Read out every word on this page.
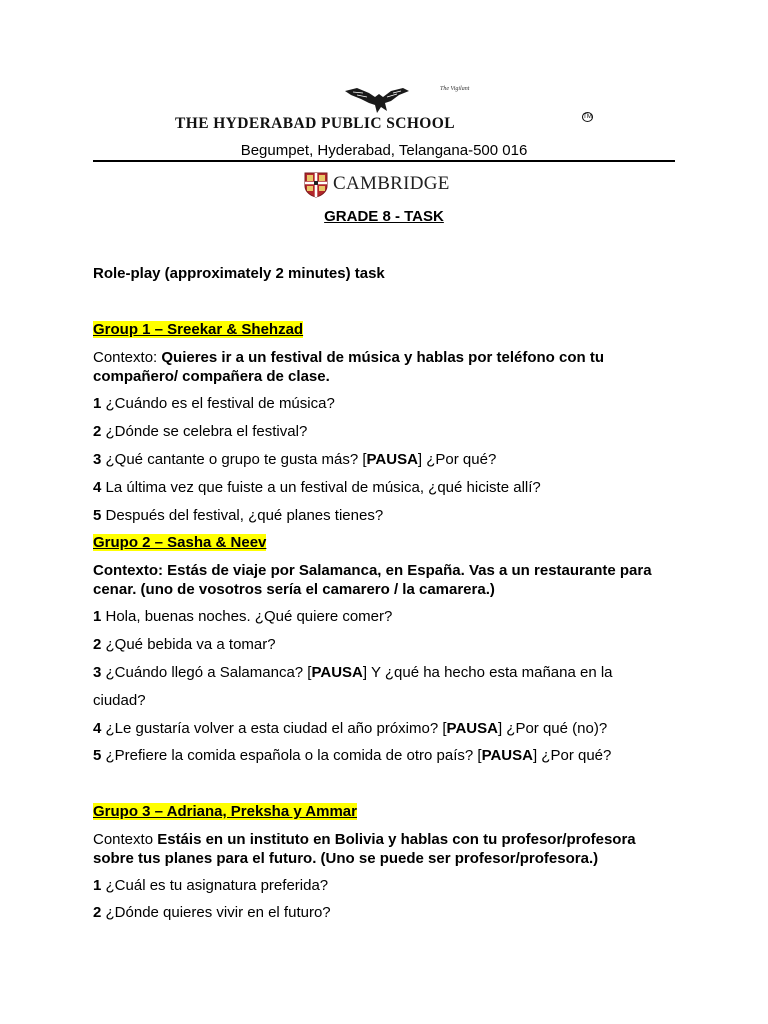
The Vigilant
THE HYDERABAD PUBLIC SCHOOL	TM
Begumpet, Hyderabad, Telangana-500 016
CAMBRIDGE
GRADE 8 - TASK
Role-play (approximately 2 minutes) task
Group 1 – Sreekar & Shehzad
Contexto: Quieres ir a un festival de música y hablas por teléfono con tu compañero/ compañera de clase.
1 ¿Cuándo es el festival de música?
2 ¿Dónde se celebra el festival?
3 ¿Qué cantante o grupo te gusta más? [PAUSA] ¿Por qué?
4 La última vez que fuiste a un festival de música, ¿qué hiciste allí?
5 Después del festival, ¿qué planes tienes?
Grupo 2 – Sasha & Neev
Contexto: Estás de viaje por Salamanca, en España. Vas a un restaurante para cenar. (uno de vosotros sería el camarero / la camarera.)
1 Hola, buenas noches. ¿Qué quiere comer?
2 ¿Qué bebida va a tomar?
3 ¿Cuándo llegó a Salamanca? [PAUSA] Y ¿qué ha hecho esta mañana en la
ciudad?
4 ¿Le gustaría volver a esta ciudad el año próximo? [PAUSA] ¿Por qué (no)?
5 ¿Prefiere la comida española o la comida de otro país? [PAUSA] ¿Por qué?
Grupo 3 – Adriana, Preksha y Ammar
Contexto Estáis en un instituto en Bolivia y hablas con tu profesor/profesora sobre tus planes para el futuro. (Uno se puede ser profesor/profesora.)
1 ¿Cuál es tu asignatura preferida?
2 ¿Dónde quieres vivir en el futuro?
